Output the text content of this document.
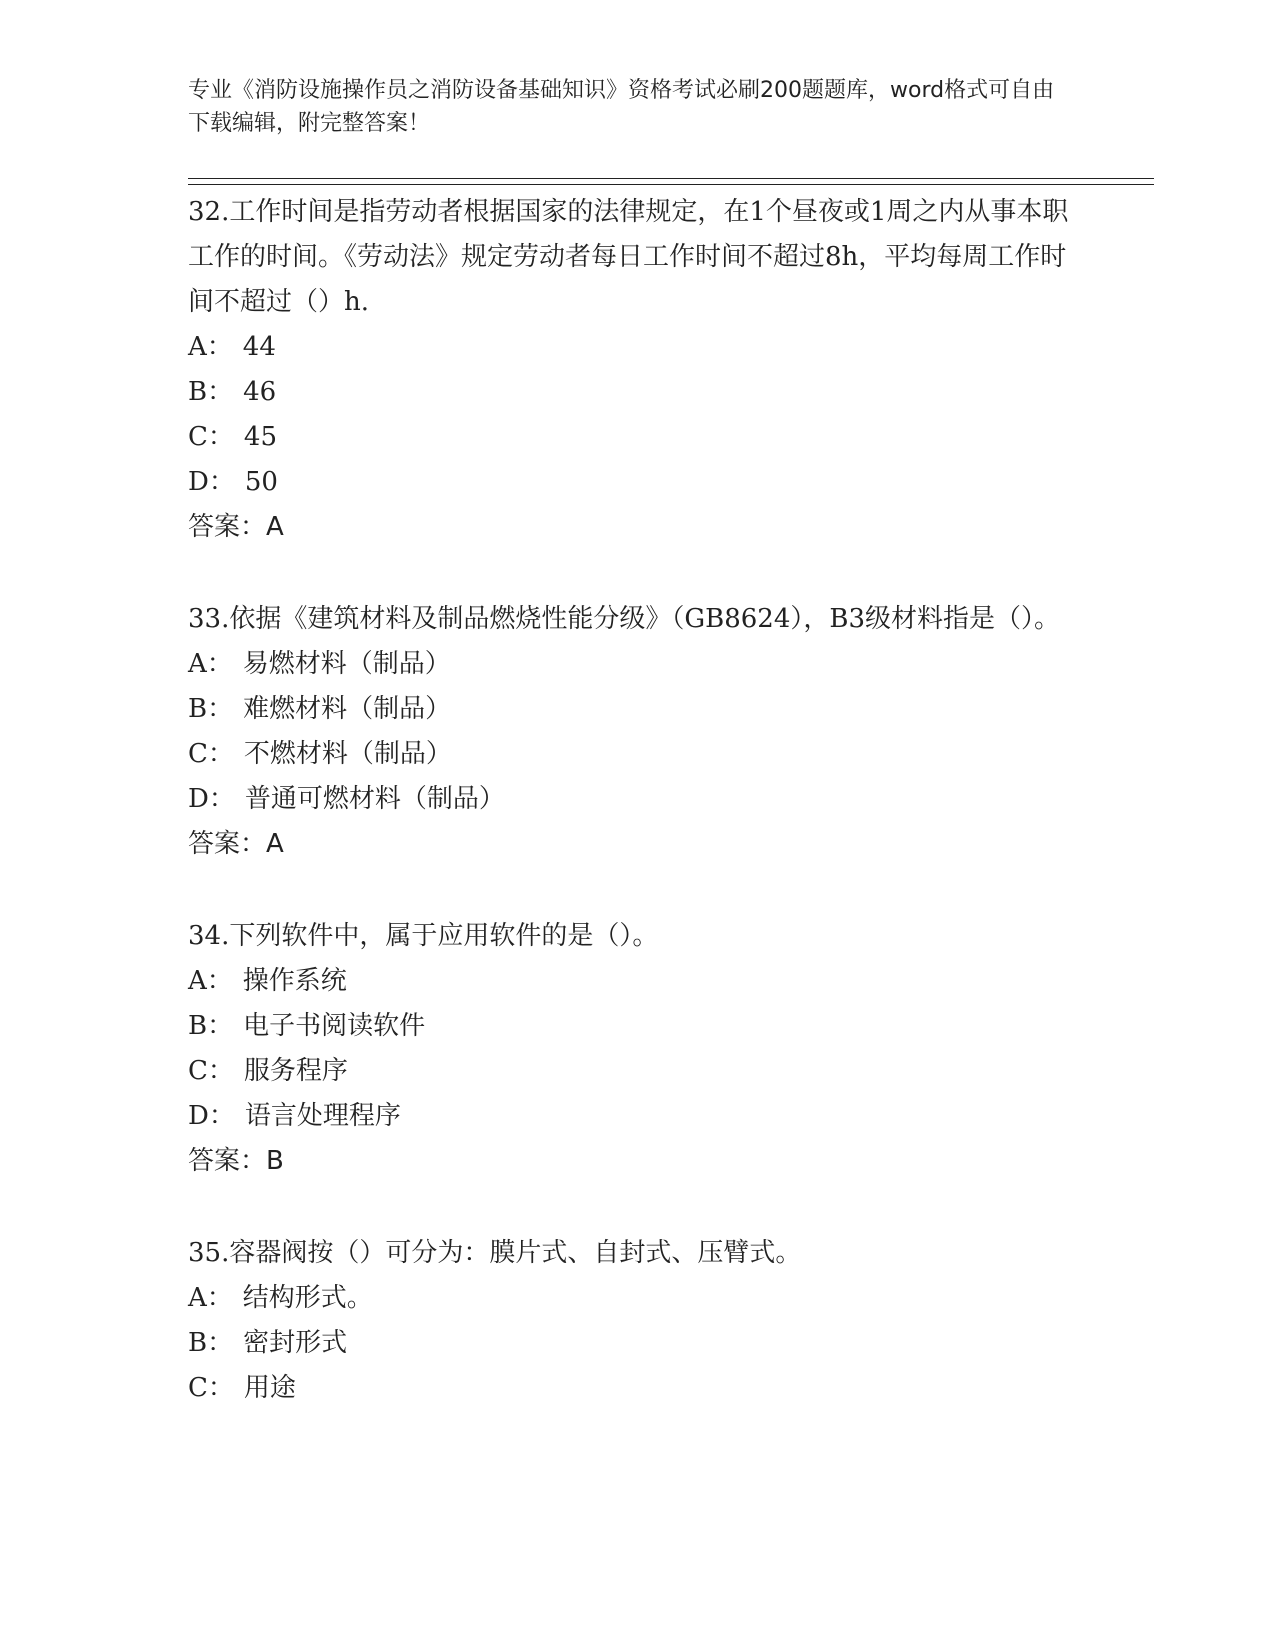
专业《消防设施操作员之消防设备基础知识》资格考试必刷200题题库，word格式可自由下载编辑，附完整答案！
32.工作时间是指劳动者根据国家的法律规定，在1个昼夜或1周之内从事本职工作的时间。《劳动法》规定劳动者每日工作时间不超过8h，平均每周工作时间不超过（）h.
A： 44
B： 46
C： 45
D： 50
答案：A
33.依据《建筑材料及制品燃烧性能分级》（GB8624），B3级材料指是（）。
A： 易燃材料（制品）
B： 难燃材料（制品）
C： 不燃材料（制品）
D： 普通可燃材料（制品）
答案：A
34.下列软件中，属于应用软件的是（）。
A： 操作系统
B： 电子书阅读软件
C： 服务程序
D： 语言处理程序
答案：B
35.容器阀按（）可分为：膜片式、自封式、压臂式。
A： 结构形式。
B： 密封形式
C： 用途
